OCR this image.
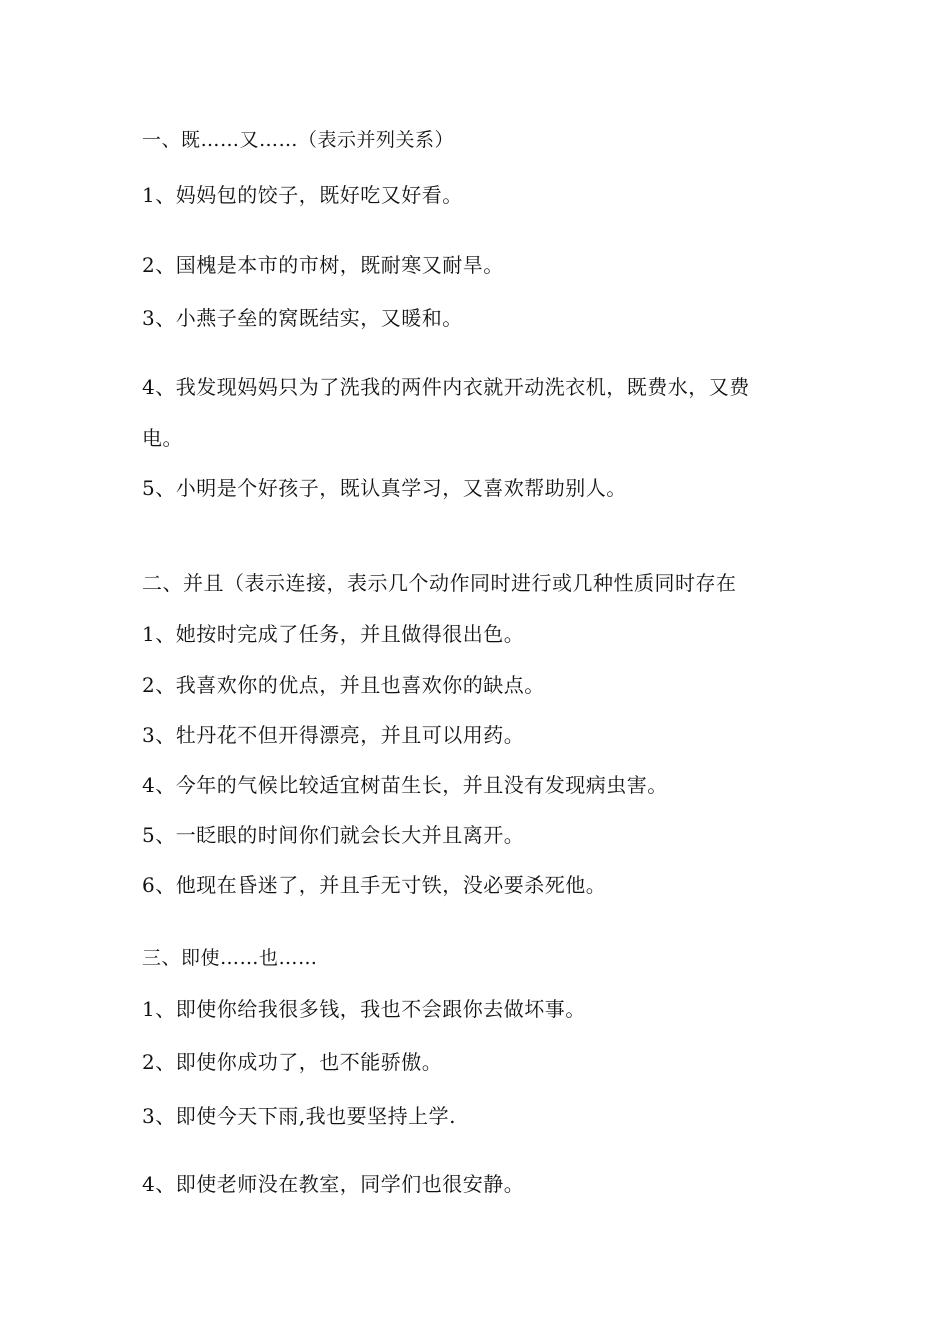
一、既……又……（表示并列关系）
1、妈妈包的饺子，既好吃又好看。
2、国槐是本市的市树，既耐寒又耐旱。
3、小燕子垒的窝既结实，又暖和。
4、我发现妈妈只为了洗我的两件内衣就开动洗衣机，既费水，又费
电。
5、小明是个好孩子，既认真学习，又喜欢帮助别人。
二、并且（表示连接，表示几个动作同时进行或几种性质同时存在
1、她按时完成了任务，并且做得很出色。
2、我喜欢你的优点，并且也喜欢你的缺点。
3、牡丹花不但开得漂亮，并且可以用药。
4、今年的气候比较适宜树苗生长，并且没有发现病虫害。
5、一眨眼的时间你们就会长大并且离开。
6、他现在昏迷了，并且手无寸铁，没必要杀死他。
三、即使……也……
1、即使你给我很多钱，我也不会跟你去做坏事。
2、即使你成功了，也不能骄傲。
3、即使今天下雨,我也要坚持上学.
4、即使老师没在教室，同学们也很安静。
